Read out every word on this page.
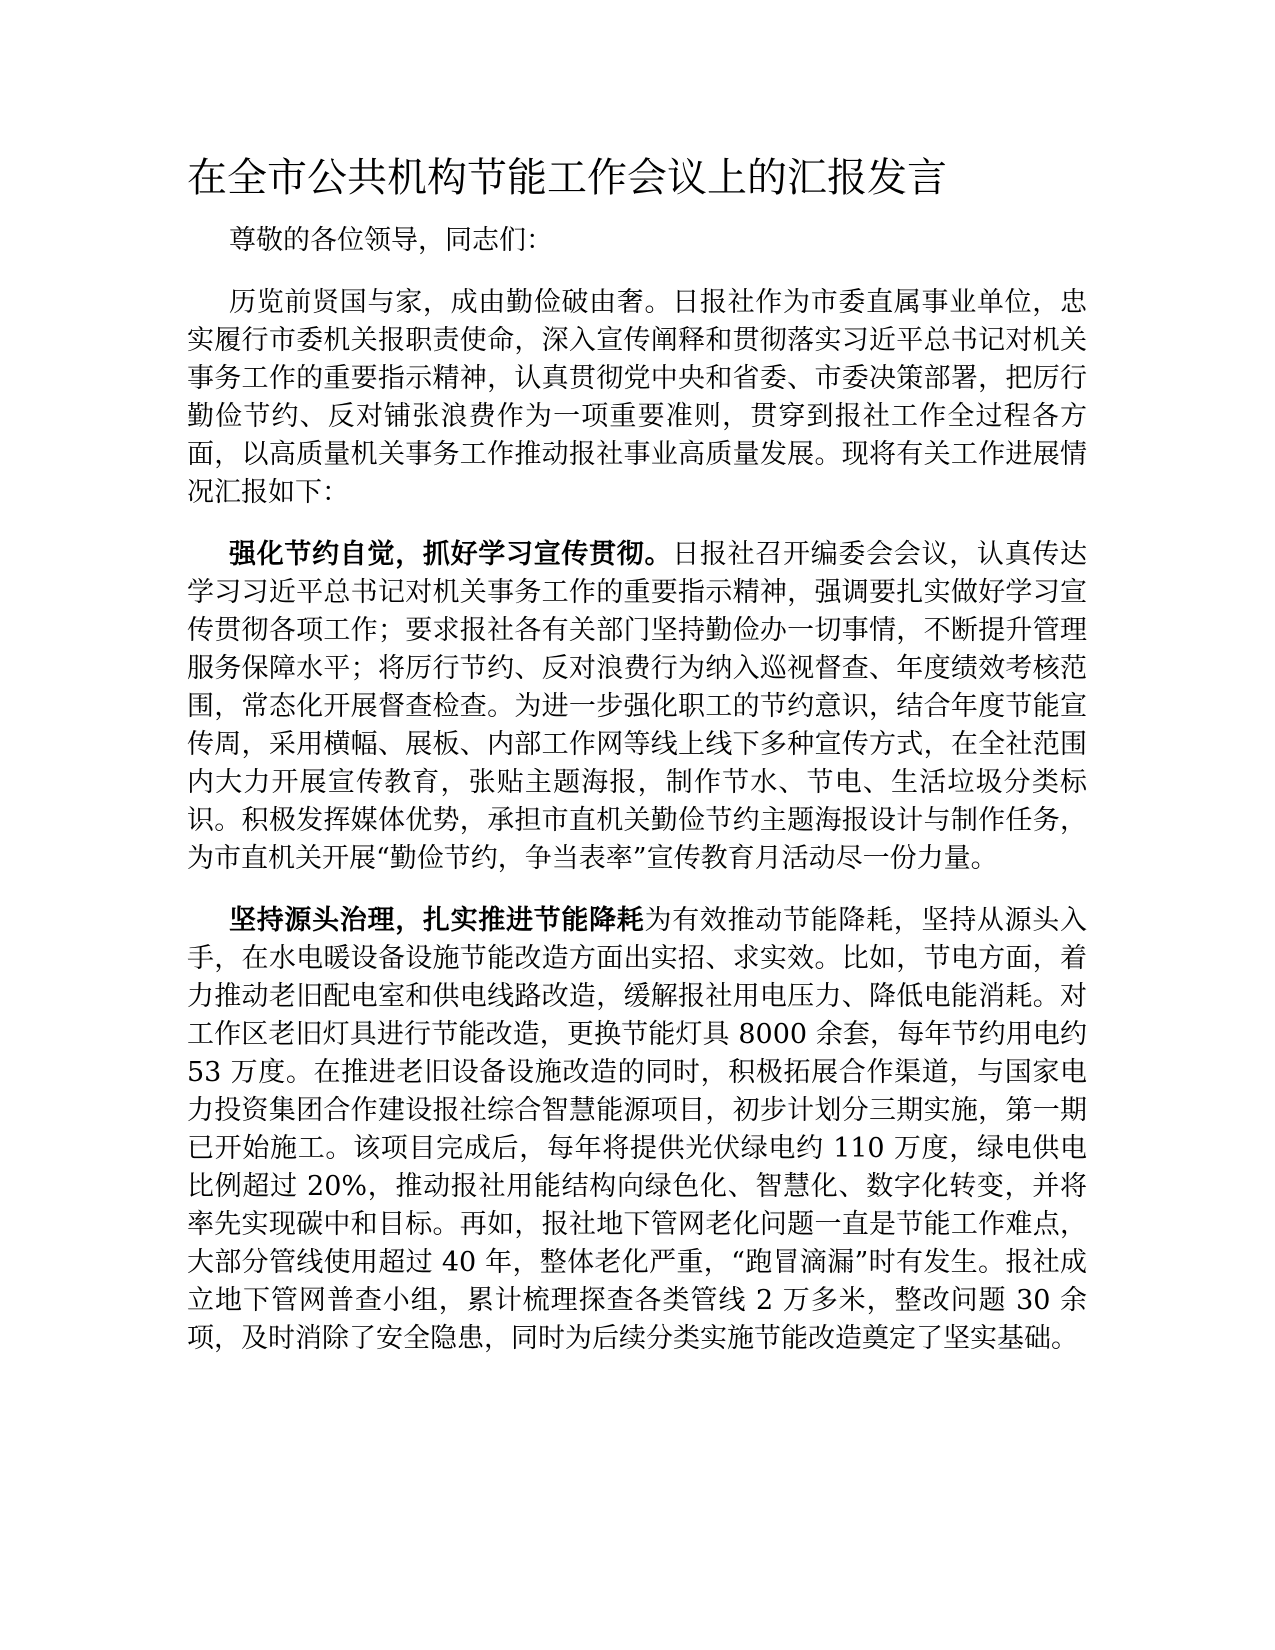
在全市公共机构节能工作会议上的汇报发言

尊敬的各位领导，同志们：

历览前贤国与家，成由勤俭破由奢。日报社作为市委直属事业单位，忠实履行市委机关报职责使命，深入宣传阐释和贯彻落实习近平总书记对机关事务工作的重要指示精神，认真贯彻党中央和省委、市委决策部署，把厉行勤俭节约、反对铺张浪费作为一项重要准则，贯穿到报社工作全过程各方面，以高质量机关事务工作推动报社事业高质量发展。现将有关工作进展情况汇报如下：

强化节约自觉，抓好学习宣传贯彻。日报社召开编委会会议，认真传达学习习近平总书记对机关事务工作的重要指示精神，强调要扎实做好学习宣传贯彻各项工作；要求报社各有关部门坚持勤俭办一切事情，不断提升管理服务保障水平；将厉行节约、反对浪费行为纳入巡视督查、年度绩效考核范围，常态化开展督查检查。为进一步强化职工的节约意识，结合年度节能宣传周，采用横幅、展板、内部工作网等线上线下多种宣传方式，在全社范围内大力开展宣传教育，张贴主题海报，制作节水、节电、生活垃圾分类标识。积极发挥媒体优势，承担市直机关勤俭节约主题海报设计与制作任务，为市直机关开展“勤俭节约，争当表率”宣传教育月活动尽一份力量。

坚持源头治理，扎实推进节能降耗为有效推动节能降耗，坚持从源头入手，在水电暖设备设施节能改造方面出实招、求实效。比如，节电方面，着力推动老旧配电室和供电线路改造，缓解报社用电压力、降低电能消耗。对工作区老旧灯具进行节能改造，更换节能灯具 8000 余套，每年节约用电约 53 万度。在推进老旧设备设施改造的同时，积极拓展合作渠道，与国家电力投资集团合作建设报社综合智慧能源项目，初步计划分三期实施，第一期已开始施工。该项目完成后，每年将提供光伏绿电约 110 万度，绿电供电比例超过 20%，推动报社用能结构向绿色化、智慧化、数字化转变，并将率先实现碳中和目标。再如，报社地下管网老化问题一直是节能工作难点，大部分管线使用超过 40 年，整体老化严重，“跑冒滴漏”时有发生。报社成立地下管网普查小组，累计梳理探查各类管线 2 万多米，整改问题 30 余项，及时消除了安全隐患，同时为后续分类实施节能改造奠定了坚实基础。
